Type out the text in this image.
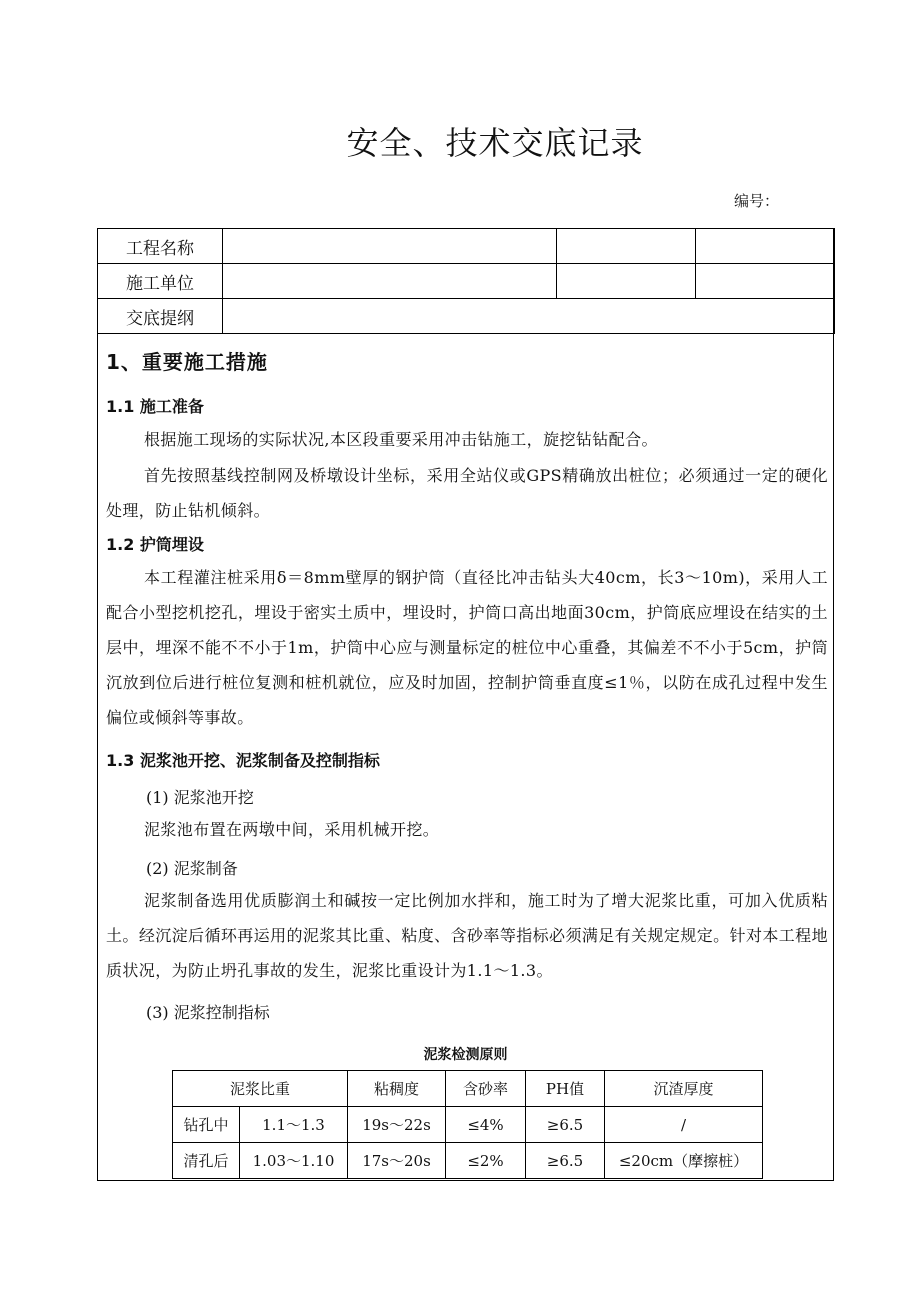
安全、技术交底记录
编号：
工程名称			
施工单位			
交底提纲			
1、重要施工措施
1.1 施工准备
根据施工现场的实际状况,本区段重要采用冲击钻施工，旋挖钻钻配合。
首先按照基线控制网及桥墩设计坐标，采用全站仪或GPS精确放出桩位；必须通过一定的硬化处理，防止钻机倾斜。
1.2 护筒埋设
本工程灌注桩采用δ＝8mm壁厚的钢护筒（直径比冲击钻头大40cm，长3～10m)，采用人工配合小型挖机挖孔，埋设于密实土质中，埋设时，护筒口高出地面30cm，护筒底应埋设在结实的土层中，埋深不能不不小于1m，护筒中心应与测量标定的桩位中心重叠，其偏差不不小于5cm，护筒沉放到位后进行桩位复测和桩机就位，应及时加固，控制护筒垂直度≤1％，以防在成孔过程中发生偏位或倾斜等事故。
1.3 泥浆池开挖、泥浆制备及控制指标
(1) 泥浆池开挖
泥浆池布置在两墩中间，采用机械开挖。
(2) 泥浆制备
泥浆制备选用优质膨润土和碱按一定比例加水拌和，施工时为了增大泥浆比重，可加入优质粘土。经沉淀后循环再运用的泥浆其比重、粘度、含砂率等指标必须满足有关规定规定。针对本工程地质状况，为防止坍孔事故的发生，泥浆比重设计为1.1～1.3。
(3) 泥浆控制指标
泥浆检测原则
泥浆比重		粘稠度	含砂率	PH值	沉渣厚度
钻孔中	1.1～1.3	19s～22s	≤4%	≥6.5	/
清孔后	1.03～1.10	17s～20s	≤2%	≥6.5	≤20cm（摩擦桩）
